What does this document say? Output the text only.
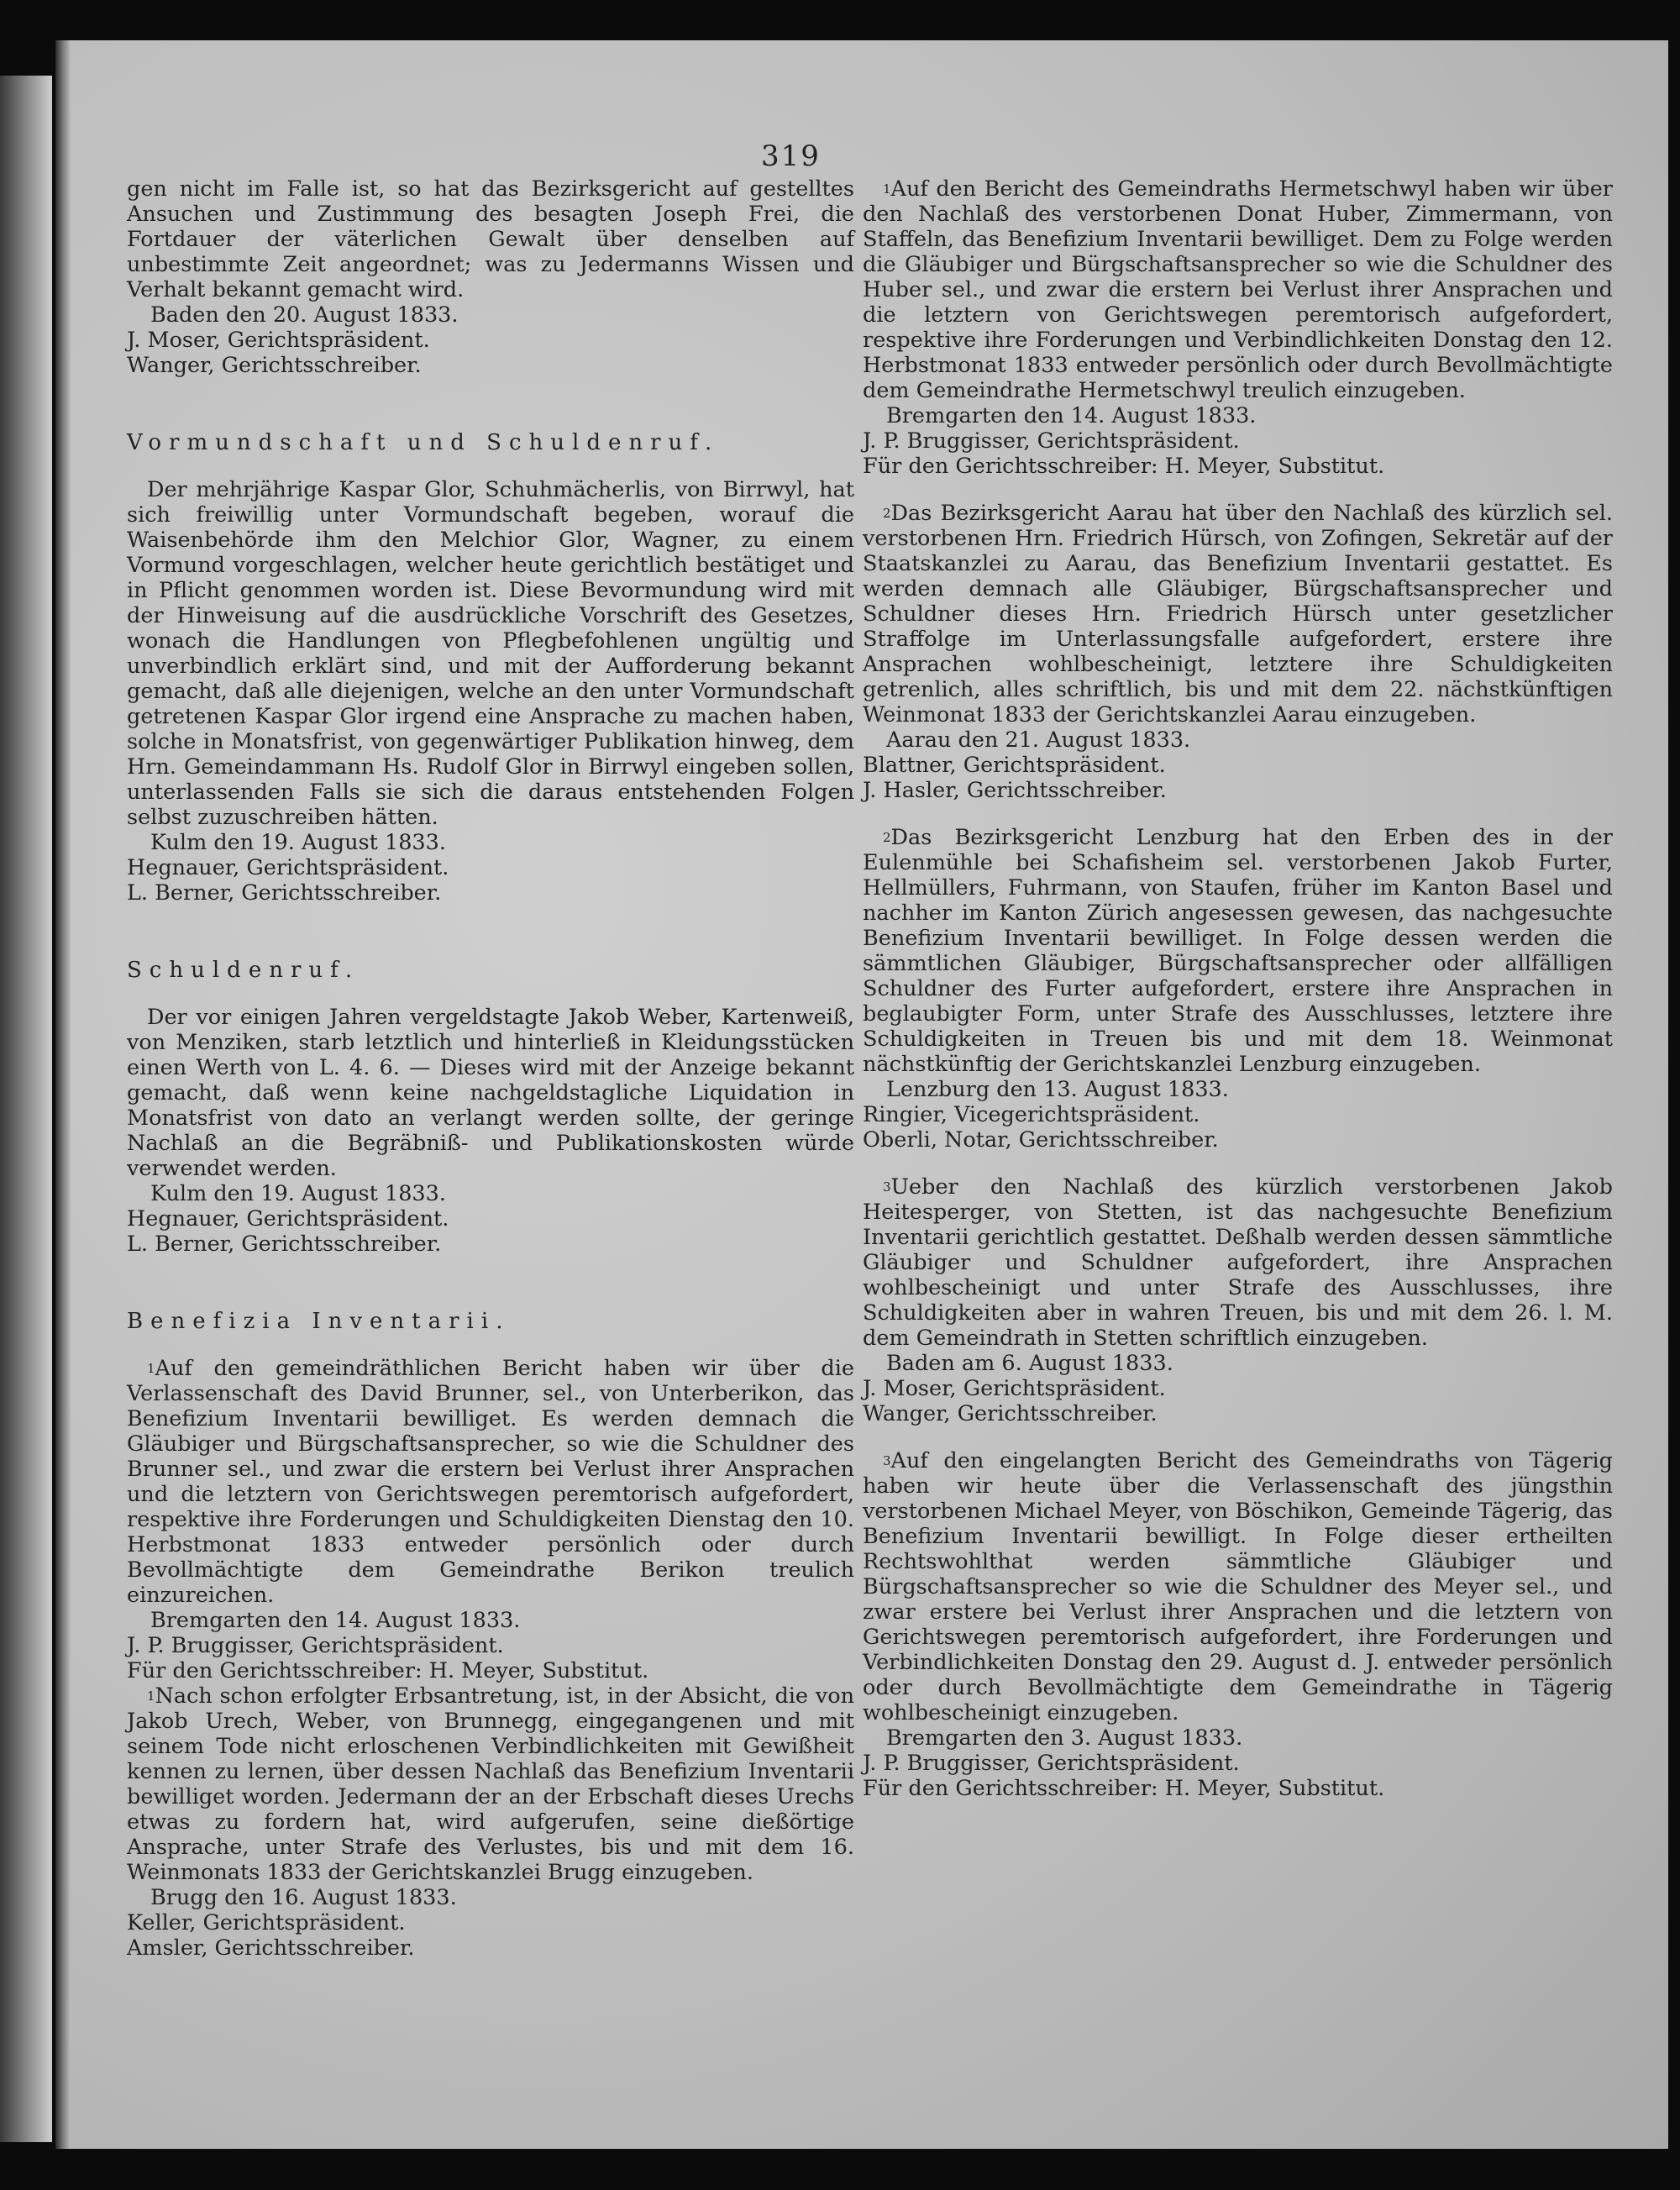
319

gen nicht im Falle ist, so hat das Bezirksgericht auf gestelltes Ansuchen und Zustimmung des besagten Joseph Frei, die Fortdauer der väterlichen Gewalt über denselben auf unbestimmte Zeit angeordnet; was zu Jedermanns Wissen und Verhalt bekannt gemacht wird.

Baden den 20. August 1833.

J. Moser, Gerichtspräsident.

Wanger, Gerichtsschreiber.

Vormundschaft und Schuldenruf.

Der mehrjährige Kaspar Glor, Schuhmächerlis, von Birrwyl, hat sich freiwillig unter Vormundschaft begeben, worauf die Waisenbehörde ihm den Melchior Glor, Wagner, zu einem Vormund vorgeschlagen, welcher heute gerichtlich bestätiget und in Pflicht genommen worden ist. Diese Bevormundung wird mit der Hinweisung auf die ausdrückliche Vorschrift des Gesetzes, wonach die Handlungen von Pflegbefohlenen ungültig und unverbindlich erklärt sind, und mit der Aufforderung bekannt gemacht, daß alle diejenigen, welche an den unter Vormundschaft getretenen Kaspar Glor irgend eine Ansprache zu machen haben, solche in Monatsfrist, von gegenwärtiger Publikation hinweg, dem Hrn. Gemeindammann Hs. Rudolf Glor in Birrwyl eingeben sollen, unterlassenden Falls sie sich die daraus entstehenden Folgen selbst zuzuschreiben hätten.

Kulm den 19. August 1833.

Hegnauer, Gerichtspräsident.

L. Berner, Gerichtsschreiber.

Schuldenruf.

Der vor einigen Jahren vergeldstagte Jakob Weber, Kartenweiß, von Menziken, starb letztlich und hinterließ in Kleidungsstücken einen Werth von L. 4. 6. — Dieses wird mit der Anzeige bekannt gemacht, daß wenn keine nachgeldstagliche Liquidation in Monatsfrist von dato an verlangt werden sollte, der geringe Nachlaß an die Begräbniß- und Publikationskosten würde verwendet werden.

Kulm den 19. August 1833.

Hegnauer, Gerichtspräsident.

L. Berner, Gerichtsschreiber.

Benefizia Inventarii.

$^1$Auf den gemeindräthlichen Bericht haben wir über die Verlassenschaft des David Brunner, sel., von Unterberikon, das Benefizium Inventarii bewilliget. Es werden demnach die Gläubiger und Bürgschaftsansprecher, so wie die Schuldner des Brunner sel., und zwar die erstern bei Verlust ihrer Ansprachen und die letztern von Gerichtswegen peremtorisch aufgefordert, respektive ihre Forderungen und Schuldigkeiten Dienstag den 10. Herbstmonat 1833 entweder persönlich oder durch Bevollmächtigte dem Gemeindrathe Berikon treulich einzureichen.

Bremgarten den 14. August 1833.

J. P. Bruggisser, Gerichtspräsident.

Für den Gerichtsschreiber: H. Meyer, Substitut.

$^1$Nach schon erfolgter Erbsantretung, ist, in der Absicht, die von Jakob Urech, Weber, von Brunnegg, eingegangenen und mit seinem Tode nicht erloschenen Verbindlichkeiten mit Gewißheit kennen zu lernen, über dessen Nachlaß das Benefizium Inventarii bewilliget worden. Jedermann der an der Erbschaft dieses Urechs etwas zu fordern hat, wird aufgerufen, seine dießörtige Ansprache, unter Strafe des Verlustes, bis und mit dem 16. Weinmonats 1833 der Gerichtskanzlei Brugg einzugeben.

Brugg den 16. August 1833.

Keller, Gerichtspräsident.

Amsler, Gerichtsschreiber.

$^1$Auf den Bericht des Gemeindraths Hermetschwyl haben wir über den Nachlaß des verstorbenen Donat Huber, Zimmermann, von Staffeln, das Benefizium Inventarii bewilliget. Dem zu Folge werden die Gläubiger und Bürgschaftsansprecher so wie die Schuldner des Huber sel., und zwar die erstern bei Verlust ihrer Ansprachen und die letztern von Gerichtswegen peremtorisch aufgefordert, respektive ihre Forderungen und Verbindlichkeiten Donstag den 12. Herbstmonat 1833 entweder persönlich oder durch Bevollmächtigte dem Gemeindrathe Hermetschwyl treulich einzugeben.

Bremgarten den 14. August 1833.

J. P. Bruggisser, Gerichtspräsident.

Für den Gerichtsschreiber: H. Meyer, Substitut.

$^2$Das Bezirksgericht Aarau hat über den Nachlaß des kürzlich sel. verstorbenen Hrn. Friedrich Hürsch, von Zofingen, Sekretär auf der Staatskanzlei zu Aarau, das Benefizium Inventarii gestattet. Es werden demnach alle Gläubiger, Bürgschaftsansprecher und Schuldner dieses Hrn. Friedrich Hürsch unter gesetzlicher Straffolge im Unterlassungsfalle aufgefordert, erstere ihre Ansprachen wohlbescheinigt, letztere ihre Schuldigkeiten getrenlich, alles schriftlich, bis und mit dem 22. nächstkünftigen Weinmonat 1833 der Gerichtskanzlei Aarau einzugeben.

Aarau den 21. August 1833.

Blattner, Gerichtspräsident.

J. Hasler, Gerichtsschreiber.

$^2$Das Bezirksgericht Lenzburg hat den Erben des in der Eulenmühle bei Schafisheim sel. verstorbenen Jakob Furter, Hellmüllers, Fuhrmann, von Staufen, früher im Kanton Basel und nachher im Kanton Zürich angesessen gewesen, das nachgesuchte Benefizium Inventarii bewilliget. In Folge dessen werden die sämmtlichen Gläubiger, Bürgschaftsansprecher oder allfälligen Schuldner des Furter aufgefordert, erstere ihre Ansprachen in beglaubigter Form, unter Strafe des Ausschlusses, letztere ihre Schuldigkeiten in Treuen bis und mit dem 18. Weinmonat nächstkünftig der Gerichtskanzlei Lenzburg einzugeben.

Lenzburg den 13. August 1833.

Ringier, Vicegerichtspräsident.

Oberli, Notar, Gerichtsschreiber.

$^3$Ueber den Nachlaß des kürzlich verstorbenen Jakob Heitesperger, von Stetten, ist das nachgesuchte Benefizium Inventarii gerichtlich gestattet. Deßhalb werden dessen sämmtliche Gläubiger und Schuldner aufgefordert, ihre Ansprachen wohlbescheinigt und unter Strafe des Ausschlusses, ihre Schuldigkeiten aber in wahren Treuen, bis und mit dem 26. l. M. dem Gemeindrath in Stetten schriftlich einzugeben.

Baden am 6. August 1833.

J. Moser, Gerichtspräsident.

Wanger, Gerichtsschreiber.

$^3$Auf den eingelangten Bericht des Gemeindraths von Tägerig haben wir heute über die Verlassenschaft des jüngsthin verstorbenen Michael Meyer, von Böschikon, Gemeinde Tägerig, das Benefizium Inventarii bewilligt. In Folge dieser ertheilten Rechtswohlthat werden sämmtliche Gläubiger und Bürgschaftsansprecher so wie die Schuldner des Meyer sel., und zwar erstere bei Verlust ihrer Ansprachen und die letztern von Gerichtswegen peremtorisch aufgefordert, ihre Forderungen und Verbindlichkeiten Donstag den 29. August d. J. entweder persönlich oder durch Bevollmächtigte dem Gemeindrathe in Tägerig wohlbescheinigt einzugeben.

Bremgarten den 3. August 1833.

J. P. Bruggisser, Gerichtspräsident.

Für den Gerichtsschreiber: H. Meyer, Substitut.
